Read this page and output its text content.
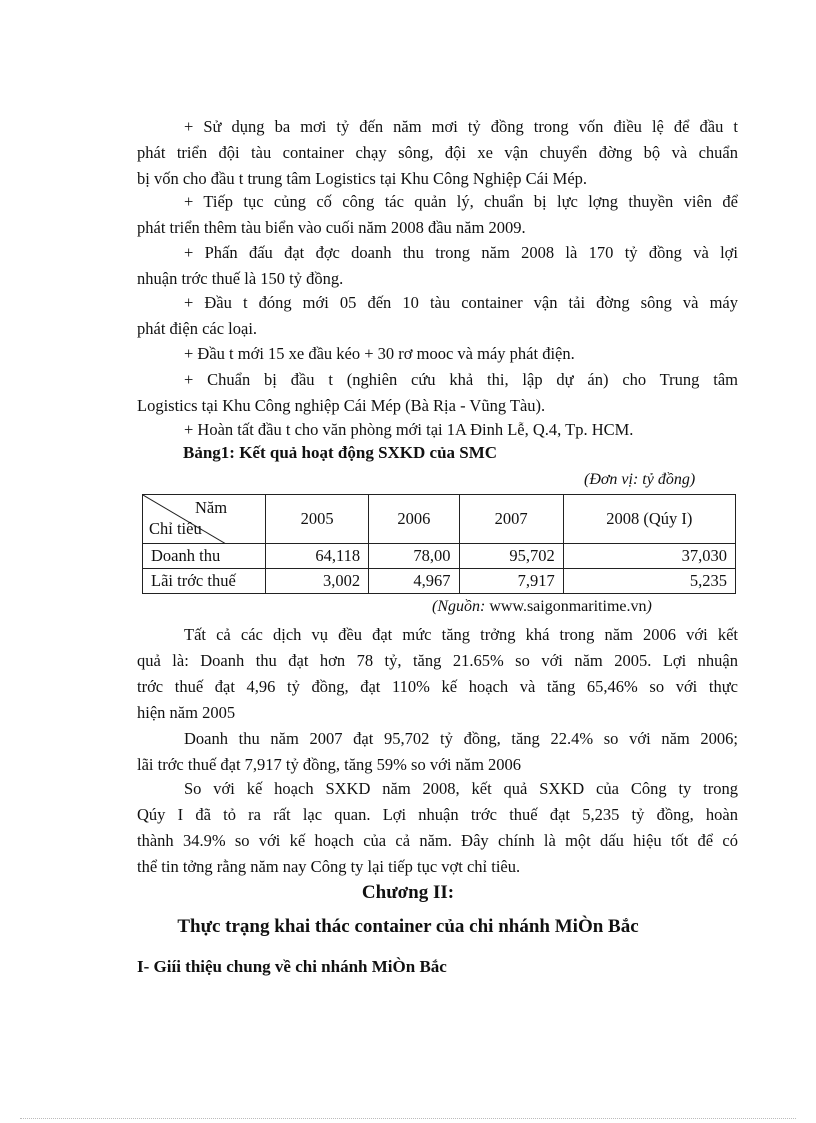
+ Sử dụng ba mơi tỷ đến năm mơi tỷ đồng trong vốn điều lệ để đầu t
phát triển đội tàu container chạy sông, đội xe vận chuyển đờng bộ và chuẩn
bị vốn cho đầu t trung tâm Logistics tại Khu Công Nghiệp Cái Mép.
+ Tiếp tục củng cố công tác quản lý, chuẩn bị lực lợng thuyền viên để
phát triển thêm tàu biển vào cuối năm 2008 đầu năm 2009.
+ Phấn đấu đạt đợc doanh thu trong năm 2008 là 170 tỷ đồng và lợi
nhuận trớc thuế là 150 tỷ đồng.
+ Đầu t đóng mới 05 đến 10 tàu container vận tải đờng sông và máy
phát điện các loại.
+ Đầu t mới 15 xe đầu kéo + 30 rơ mooc và máy phát điện.
+ Chuẩn bị đầu t (nghiên cứu khả thi, lập dự án) cho Trung tâm
Logistics tại Khu Công nghiệp Cái Mép (Bà Rịa - Vũng Tàu).
+ Hoàn tất đầu t cho văn phòng mới tại 1A Đinh Lễ, Q.4, Tp. HCM.
Bảng1: Kết quả hoạt động SXKD của SMC
(Đơn vị: tỷ đồng)
Năm
Chỉ tiêu	2005	2006	2007	2008 (Qúy I)
Doanh thu	64,118	78,00	95,702	37,030
Lãi trớc thuế	3,002	4,967	7,917	5,235
(Nguồn: www.saigonmaritime.vn)
Tất cả các dịch vụ đều đạt mức tăng trởng khá trong năm 2006 với kết
quả là: Doanh thu đạt hơn 78 tỷ, tăng 21.65% so với năm 2005. Lợi nhuận
trớc thuế đạt 4,96 tỷ đồng, đạt 110% kế hoạch và tăng 65,46% so với thực
hiện năm 2005
Doanh thu năm 2007 đạt 95,702 tỷ đồng, tăng 22.4% so với năm 2006;
lãi trớc thuế đạt 7,917 tỷ đồng, tăng 59% so với năm 2006
So với kế hoạch SXKD năm 2008, kết quả SXKD của Công ty trong
Qúy I đã tỏ ra rất lạc quan. Lợi nhuận trớc thuế đạt 5,235 tỷ đồng, hoàn
thành 34.9% so với kế hoạch của cả năm. Đây chính là một dấu hiệu tốt để có
thể tin tởng rằng năm nay Công ty lại tiếp tục vợt chỉ tiêu.
Chương II:
Thực trạng khai thác container của chi nhánh MiÒn Bắc
I- Giíi thiệu chung về chi nhánh MiÒn Bắc
